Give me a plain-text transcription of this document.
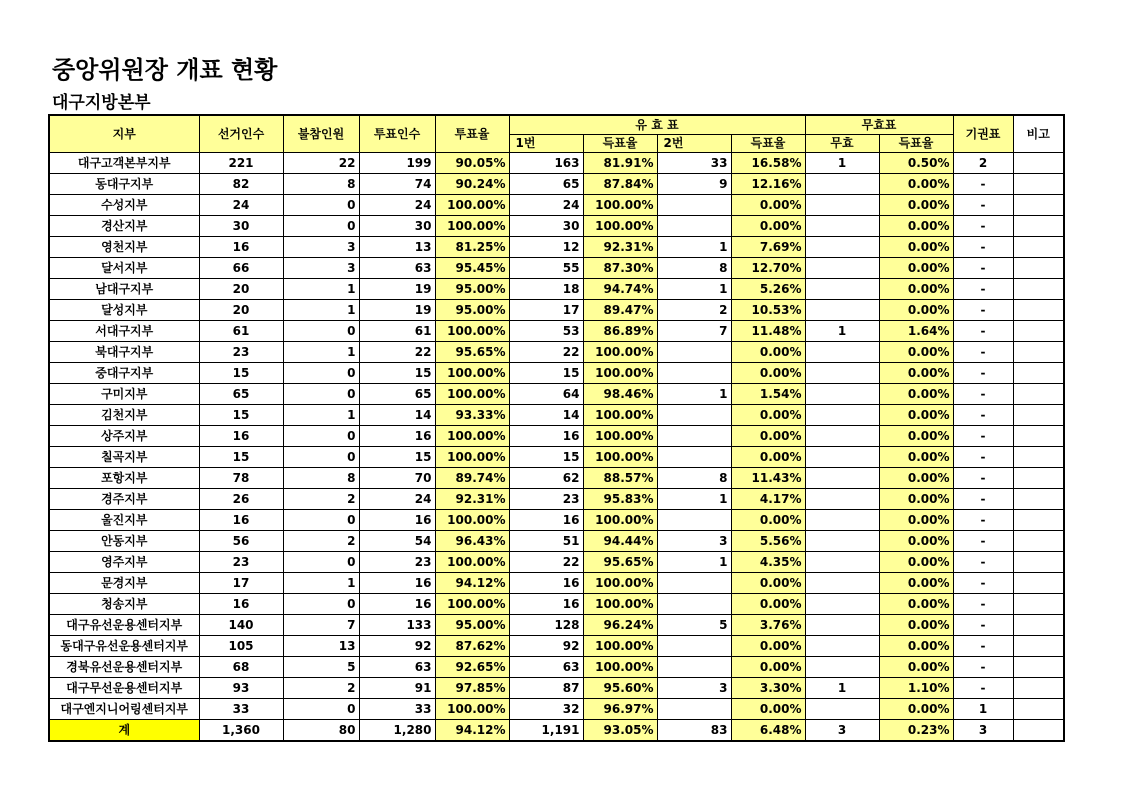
중앙위원장 개표 현황
대구지방본부
지부	선거인수	불참인원	투표인수	투표율	유 효 표				무효표		기권표	비고
					1번	득표율	2번	득표율	무효	득표율		
대구고객본부지부	221	22	199	90.05%	163	81.91%	33	16.58%	1	0.50%	2	
동대구지부	82	8	74	90.24%	65	87.84%	9	12.16%		0.00%	-	
수성지부	24	0	24	100.00%	24	100.00%		0.00%		0.00%	-	
경산지부	30	0	30	100.00%	30	100.00%		0.00%		0.00%	-	
영천지부	16	3	13	81.25%	12	92.31%	1	7.69%		0.00%	-	
달서지부	66	3	63	95.45%	55	87.30%	8	12.70%		0.00%	-	
남대구지부	20	1	19	95.00%	18	94.74%	1	5.26%		0.00%	-	
달성지부	20	1	19	95.00%	17	89.47%	2	10.53%		0.00%	-	
서대구지부	61	0	61	100.00%	53	86.89%	7	11.48%	1	1.64%	-	
북대구지부	23	1	22	95.65%	22	100.00%		0.00%		0.00%	-	
중대구지부	15	0	15	100.00%	15	100.00%		0.00%		0.00%	-	
구미지부	65	0	65	100.00%	64	98.46%	1	1.54%		0.00%	-	
김천지부	15	1	14	93.33%	14	100.00%		0.00%		0.00%	-	
상주지부	16	0	16	100.00%	16	100.00%		0.00%		0.00%	-	
칠곡지부	15	0	15	100.00%	15	100.00%		0.00%		0.00%	-	
포항지부	78	8	70	89.74%	62	88.57%	8	11.43%		0.00%	-	
경주지부	26	2	24	92.31%	23	95.83%	1	4.17%		0.00%	-	
울진지부	16	0	16	100.00%	16	100.00%		0.00%		0.00%	-	
안동지부	56	2	54	96.43%	51	94.44%	3	5.56%		0.00%	-	
영주지부	23	0	23	100.00%	22	95.65%	1	4.35%		0.00%	-	
문경지부	17	1	16	94.12%	16	100.00%		0.00%		0.00%	-	
청송지부	16	0	16	100.00%	16	100.00%		0.00%		0.00%	-	
대구유선운용센터지부	140	7	133	95.00%	128	96.24%	5	3.76%		0.00%	-	
동대구유선운용센터지부	105	13	92	87.62%	92	100.00%		0.00%		0.00%	-	
경북유선운용센터지부	68	5	63	92.65%	63	100.00%		0.00%		0.00%	-	
대구무선운용센터지부	93	2	91	97.85%	87	95.60%	3	3.30%	1	1.10%	-	
대구엔지니어링센터지부	33	0	33	100.00%	32	96.97%		0.00%		0.00%	1	
계	1,360	80	1,280	94.12%	1,191	93.05%	83	6.48%	3	0.23%	3	
